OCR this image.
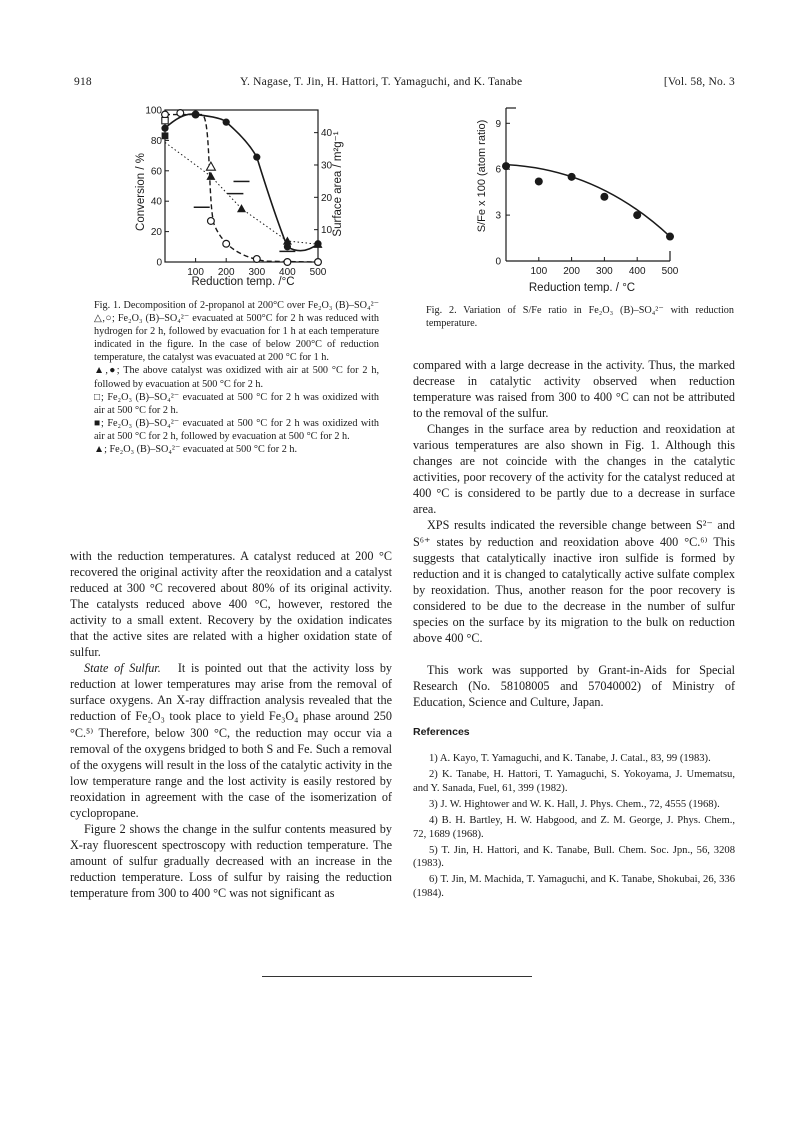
918	Y. Nagase, T. Jin, H. Hattori, T. Yamaguchi, and K. Tanabe	[Vol. 58, No. 3
100 200 300 400 500
0
20
40
60
80
100
10
20
30
40
Reduction temp. /°C
Conversion / %	Surface area / m²g⁻¹
100 200 300 400 500
0
3
6
9
Reduction temp. / °C
S/Fe x 100 (atom ratio)

Fig. 1. Decomposition of 2-propanol at 200°C over Fe₂O₃ (B)–SO₄²⁻ △,○; Fe₂O₃ (B)–SO₄²⁻ evacuated at 500°C for 2 h was reduced with hydrogen for 2 h, followed by evacuation for 1 h at each temperature indicated in the figure. In the case of below 200°C of reduction temperature, the catalyst was evacuated at 200 °C for 1 h.

▲,●; The above catalyst was oxidized with air at 500 °C for 2 h, followed by evacuation at 500 °C for 2 h.

□; Fe₂O₃ (B)–SO₄²⁻ evacuated at 500 °C for 2 h was oxidized with air at 500 °C for 2 h.

■; Fe₂O₃ (B)–SO₄²⁻ evacuated at 500 °C for 2 h was oxidized with air at 500 °C for 2 h, followed by evacuation at 500 °C for 2 h.

▲; Fe₂O₃ (B)–SO₄²⁻ evacuated at 500 °C for 2 h.

Fig. 2. Variation of S/Fe ratio in Fe₂O₃ (B)–SO₄²⁻ with reduction temperature.

with the reduction temperatures. A catalyst reduced at 200 °C recovered the original activity after the reoxidation and a catalyst reduced at 300 °C recovered about 80% of its original activity. The catalysts reduced above 400 °C, however, restored the activity to a small extent. Recovery by the oxidation indicates that the active sites are related with a higher oxidation state of sulfur.

State of Sulfur. It is pointed out that the activity loss by reduction at lower temperatures may arise from the removal of surface oxygens. An X-ray diffraction analysis revealed that the reduction of Fe₂O₃ took place to yield Fe₃O₄ phase around 250 °C.⁵⁾ Therefore, below 300 °C, the reduction may occur via a removal of the oxygens bridged to both S and Fe. Such a removal of the oxygens will result in the loss of the catalytic activity in the low temperature range and the lost activity is easily restored by reoxidation in agreement with the case of the isomerization of cyclopropane.

Figure 2 shows the change in the sulfur contents measured by X-ray fluorescent spectroscopy with reduction temperature. The amount of sulfur gradually decreased with an increase in the reduction temperature. Loss of sulfur by raising the reduction temperature from 300 to 400 °C was not significant as

compared with a large decrease in the activity. Thus, the marked decrease in catalytic activity observed when reduction temperature was raised from 300 to 400 °C can not be attributed to the removal of the sulfur.

Changes in the surface area by reduction and reoxidation at various temperatures are also shown in Fig. 1. Although this changes are not coincide with the changes in the catalytic activities, poor recovery of the activity for the catalyst reduced at 400 °C is considered to be partly due to a decrease in surface area.

XPS results indicated the reversible change between S²⁻ and S⁶⁺ states by reduction and reoxidation above 400 °C.⁶⁾ This suggests that catalytically inactive iron sulfide is formed by reduction and it is changed to catalytically active sulfate complex by reoxidation. Thus, another reason for the poor recovery is considered to be due to the decrease in the number of sulfur species on the surface by its migration to the bulk on reduction above 400 °C.

This work was supported by Grant-in-Aids for Special Research (No. 58108005 and 57040002) of Ministry of Education, Science and Culture, Japan.

References

1) A. Kayo, T. Yamaguchi, and K. Tanabe, J. Catal., 83, 99 (1983).

2) K. Tanabe, H. Hattori, T. Yamaguchi, S. Yokoyama, J. Umematsu, and Y. Sanada, Fuel, 61, 399 (1982).

3) J. W. Hightower and W. K. Hall, J. Phys. Chem., 72, 4555 (1968).

4) B. H. Bartley, H. W. Habgood, and Z. M. George, J. Phys. Chem., 72, 1689 (1968).

5) T. Jin, H. Hattori, and K. Tanabe, Bull. Chem. Soc. Jpn., 56, 3208 (1983).

6) T. Jin, M. Machida, T. Yamaguchi, and K. Tanabe, Shokubai, 26, 336 (1984).
